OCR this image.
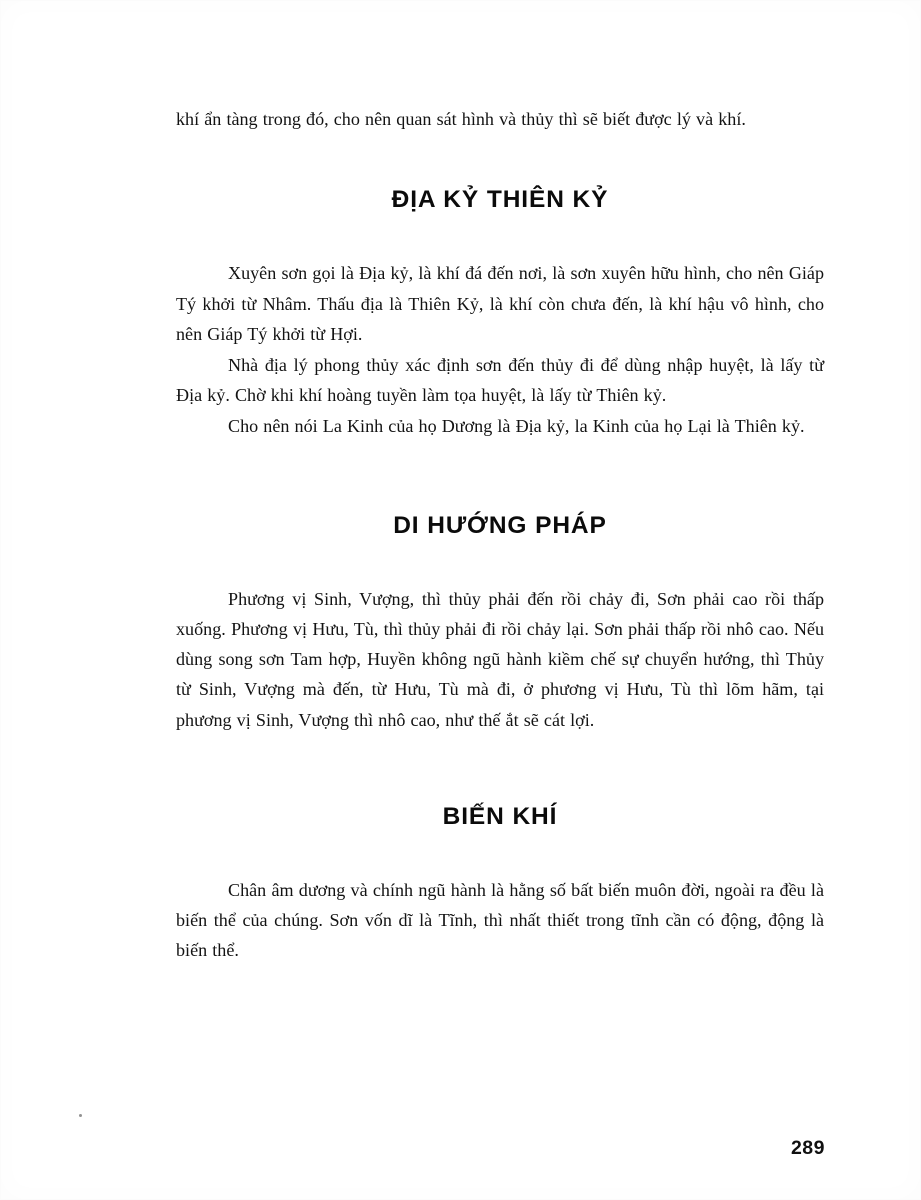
khí ẩn tàng trong đó, cho nên quan sát hình và thủy thì sẽ biết được lý và khí.

ĐỊA KỶ THIÊN KỶ

Xuyên sơn gọi là Địa kỷ, là khí đá đến nơi, là sơn xuyên hữu hình, cho nên Giáp Tý khởi từ Nhâm. Thấu địa là Thiên Kỷ, là khí còn chưa đến, là khí hậu vô hình, cho nên Giáp Tý khởi từ Hợi.

Nhà địa lý phong thủy xác định sơn đến thủy đi để dùng nhập huyệt, là lấy từ Địa kỷ. Chờ khi khí hoàng tuyền làm tọa huyệt, là lấy từ Thiên kỷ.

Cho nên nói La Kinh của họ Dương là Địa kỷ, la Kinh của họ Lại là Thiên kỷ.

DI HƯỚNG PHÁP

Phương vị Sinh, Vượng, thì thủy phải đến rồi chảy đi, Sơn phải cao rồi thấp xuống. Phương vị Hưu, Tù, thì thủy phải đi rồi chảy lại. Sơn phải thấp rồi nhô cao. Nếu dùng song sơn Tam hợp, Huyền không ngũ hành kiềm chế sự chuyển hướng, thì Thủy từ Sinh, Vượng mà đến, từ Hưu, Tù mà đi, ở phương vị Hưu, Tù thì lõm hãm, tại phương vị Sinh, Vượng thì nhô cao, như thế ắt sẽ cát lợi.

BIẾN KHÍ

Chân âm dương và chính ngũ hành là hằng số bất biến muôn đời, ngoài ra đều là biến thể của chúng. Sơn vốn dĩ là Tĩnh, thì nhất thiết trong tĩnh cần có động, động là biến thể.

289
